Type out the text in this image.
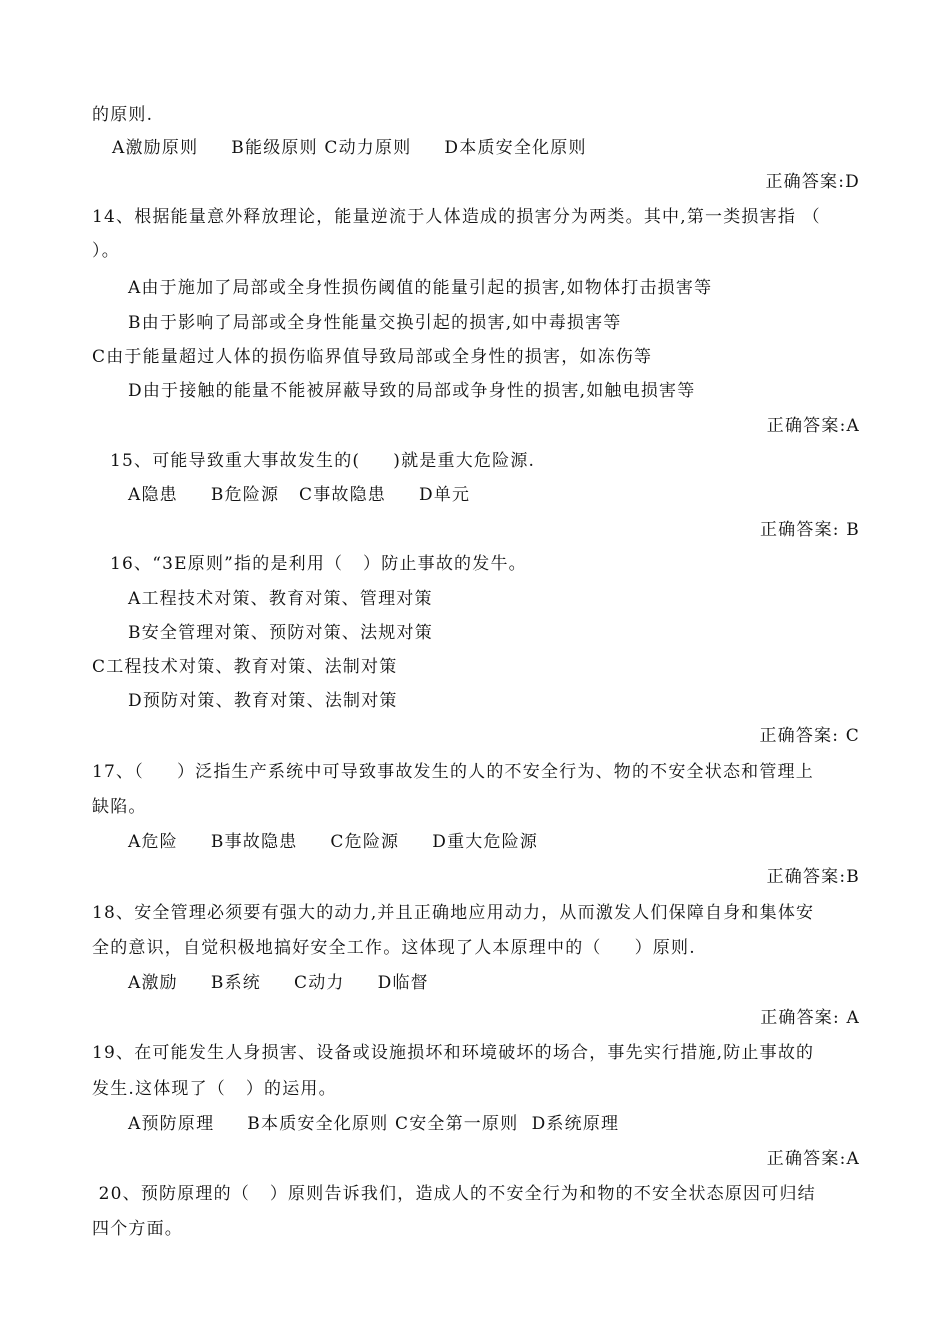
的原则.
A激励原则     B能级原则 C动力原则     D本质安全化原则
正确答案:D
14、根据能量意外释放理论，能量逆流于人体造成的损害分为两类。其中,第一类损害指 （
）。
A由于施加了局部或全身性损伤阈值的能量引起的损害,如物体打击损害等
B由于影响了局部或全身性能量交换引起的损害,如中毒损害等
C由于能量超过人体的损伤临界值导致局部或全身性的损害，如冻伤等
D由于接触的能量不能被屏蔽导致的局部或争身性的损害,如触电损害等
正确答案:A
15、可能导致重大事故发生的(     )就是重大危险源.
A隐患     B危险源   C事故隐患     D单元
正确答案: B
16、“3E原则”指的是利用（   ）防止事故的发牛。
A工程技术对策、教育对策、管理对策
B安全管理对策、预防对策、法规对策
C工程技术对策、教育对策、法制对策
D预防对策、教育对策、法制对策
正确答案: C
17、（     ）泛指生产系统中可导致事故发生的人的不安全行为、物的不安全状态和管理上
缺陷。
A危险     B事故隐患     C危险源     D重大危险源
正确答案:B
18、安全管理必须要有强大的动力,并且正确地应用动力，从而激发人们保障自身和集体安
全的意识，自觉积极地搞好安全工作。这体现了人本原理中的（     ）原则.
A激励     B系统     C动力     D临督
正确答案: A
19、在可能发生人身损害、设备或设施损坏和环境破坏的场合，事先实行措施,防止事故的
发生.这体现了（   ）的运用。
A预防原理     B本质安全化原则 C安全第一原则  D系统原理
正确答案:A
20、预防原理的（   ）原则告诉我们，造成人的不安全行为和物的不安全状态原因可归结
四个方面。
